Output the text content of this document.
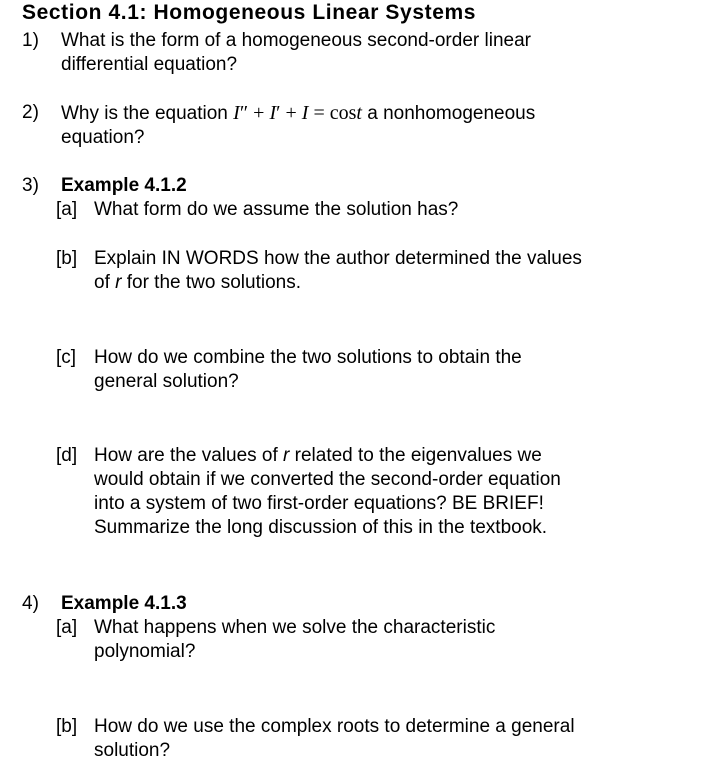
Section 4.1: Homogeneous Linear Systems
1) What is the form of a homogeneous second-order linear
differential equation?
2) Why is the equation I″ + I′ + I = cost a nonhomogeneous
equation?
3) Example 4.1.2
[a] What form do we assume the solution has?
[b] Explain IN WORDS how the author determined the values
of r for the two solutions.
[c] How do we combine the two solutions to obtain the
general solution?
[d] How are the values of r related to the eigenvalues we
would obtain if we converted the second-order equation
into a system of two first-order equations? BE BRIEF!
Summarize the long discussion of this in the textbook.
4) Example 4.1.3
[a] What happens when we solve the characteristic
polynomial?
[b] How do we use the complex roots to determine a general
solution?
